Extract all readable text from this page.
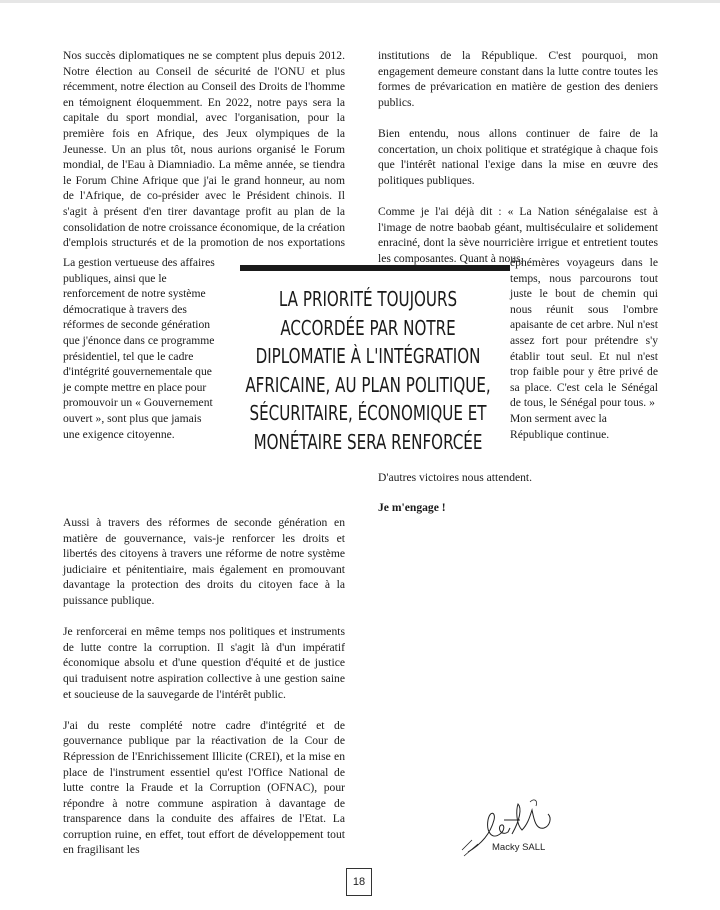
Nos succès diplomatiques ne se comptent plus depuis 2012. Notre élection au Conseil de sécurité de l'ONU et plus récemment, notre élection au Conseil des Droits de l'homme en témoignent éloquemment. En 2022, notre pays sera la capitale du sport mondial, avec l'organisation, pour la première fois en Afrique, des Jeux olympiques de la Jeunesse. Un an plus tôt, nous aurions organisé le Forum mondial, de l'Eau à Diamniadio. La même année, se tiendra le Forum Chine Afrique que j'ai le grand honneur, au nom de l'Afrique, de co-présider avec le Président chinois. Il s'agit à présent d'en tirer davantage profit au plan de la consolidation de notre croissance économique, de la création d'emplois structurés et de la promotion de nos exportations

La gestion vertueuse des affaires publiques, ainsi que le renforcement de notre système démocratique à travers des réformes de seconde génération que j'énonce dans ce programme présidentiel, tel que le cadre d'intégrité gouvernementale que je compte mettre en place pour promouvoir un « Gouvernement ouvert », sont plus que jamais une exigence citoyenne.

Aussi à travers des réformes de seconde génération en matière de gouvernance, vais-je renforcer les droits et libertés des citoyens à travers une réforme de notre système judiciaire et pénitentiaire, mais également en promouvant davantage la protection des droits du citoyen face à la puissance publique.

Je renforcerai en même temps nos politiques et instruments de lutte contre la corruption. Il s'agit là d'un impératif économique absolu et d'une question d'équité et de justice qui traduisent notre aspiration collective à une gestion saine et soucieuse de la sauvegarde de l'intérêt public.

J'ai du reste complété notre cadre d'intégrité et de gouvernance publique par la réactivation de la Cour de Répression de l'Enrichissement Illicite (CREI), et la mise en place de l'instrument essentiel qu'est l'Office National de lutte contre la Fraude et la Corruption (OFNAC), pour répondre à notre commune aspiration à davantage de transparence dans la conduite des affaires de l'Etat. La corruption ruine, en effet, tout effort de développement tout en fragilisant les

institutions de la République. C'est pourquoi, mon engagement demeure constant dans la lutte contre toutes les formes de prévarication en matière de gestion des deniers publics.

Bien entendu, nous allons continuer de faire de la concertation, un choix politique et stratégique à chaque fois que l'intérêt national l'exige dans la mise en œuvre des politiques publiques.

Comme je l'ai déjà dit : « La Nation sénégalaise est à l'image de notre baobab géant, multiséculaire et solidement enraciné, dont la sève nourricière irrigue et entretient toutes les composantes. Quant à nous,

éphémères voyageurs dans le temps, nous parcourons tout juste le bout de chemin qui nous réunit sous l'ombre apaisante de cet arbre. Nul n'est assez fort pour prétendre s'y établir tout seul. Et nul n'est trop faible pour y être privé de sa place. C'est cela le Sénégal de tous, le Sénégal pour tous. »

Mon serment avec la République continue.

D'autres victoires nous attendent.

Je m'engage !

LA PRIORITÉ TOUJOURS ACCORDÉE PAR NOTRE DIPLOMATIE À L'INTÉGRATION AFRICAINE, AU PLAN POLITIQUE, SÉCURITAIRE, ÉCONOMIQUE ET MONÉTAIRE SERA RENFORCÉE
Macky SALL
18
